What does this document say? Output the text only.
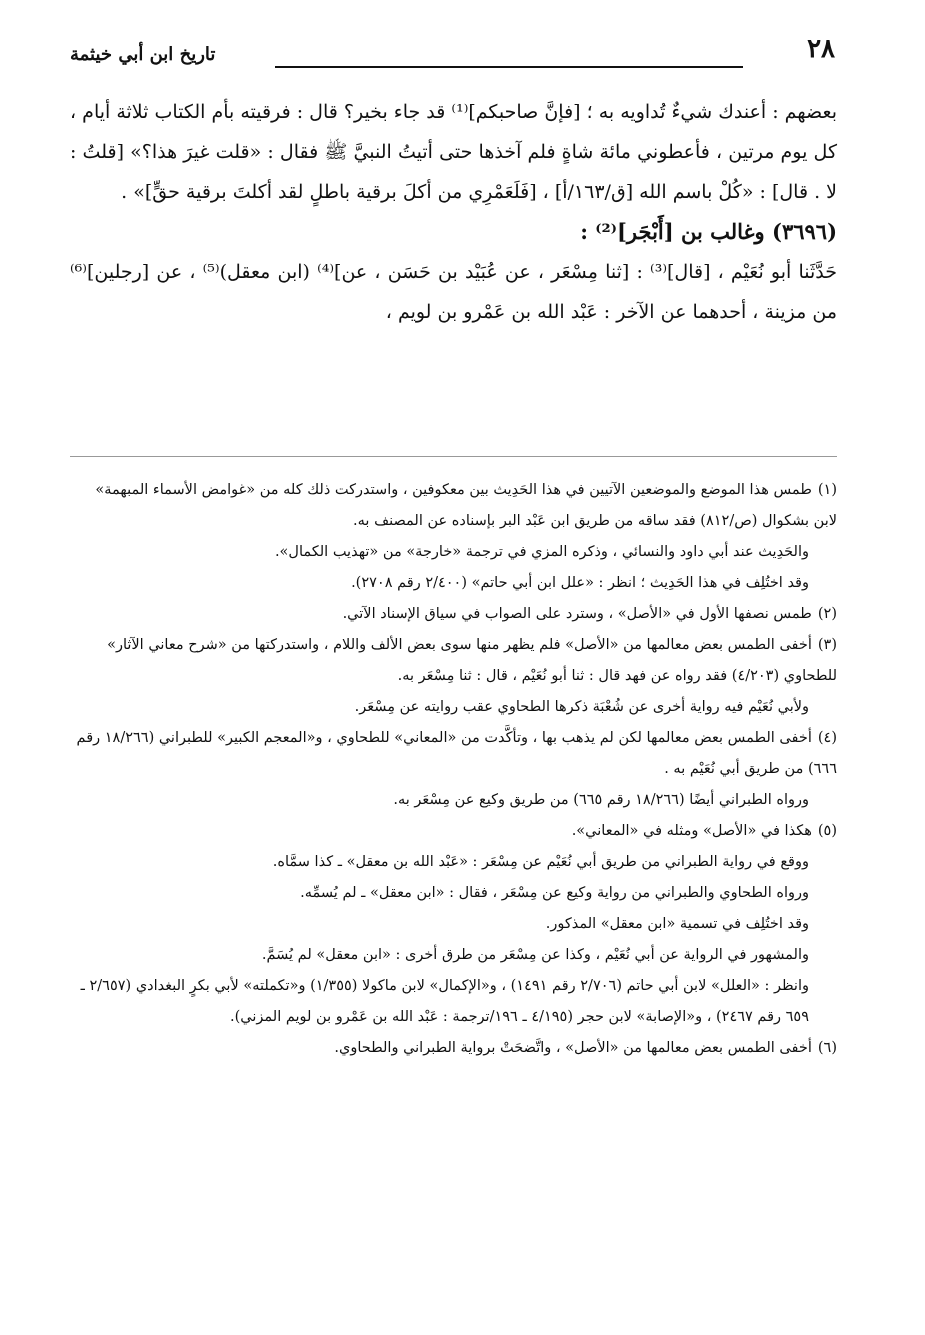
٢٨
تاريخ ابن أبي خيثمة

بعضهم : أعندك شيءٌ تُداويه به ؛ [فإنَّ صاحبكم]⁽¹⁾ قد جاء بخير؟ قال : فرقيته بأم الكتاب ثلاثة أيام ، كل يوم مرتين ، فأعطوني مائة شاةٍ فلم آخذها حتى أتيتُ النبيَّ ﷺ فقال : «قلت غيرَ هذا؟» [قلتُ : لا . قال] : «كُلْ باسم الله [ق/١٦٣/أ] ، [فَلَعَمْرِي من أكلَ برقية باطلٍ لقد أكلتَ برقية حقٍّ]» .

(٣٦٩٦) وغالب بن [أَبْجَر]⁽²⁾ :

حَدَّثَنا أبو نُعَيْم ، [قال]⁽³⁾ : [ثنا مِسْعَر ، عن عُبَيْد بن حَسَن ، عن]⁽⁴⁾ (ابن معقل)⁽⁵⁾ ، عن [رجلين]⁽⁶⁾ من مزينة ، أحدهما عن الآخر : عَبْد الله بن عَمْرو بن لويم ،

(١)طمس هذا الموضع والموضعين الآتيين في هذا الحَدِيث بين معكوفين ، واستدركت ذلك كله من «غوامض الأسماء المبهمة» لابن بشكوال (ص/٨١٢) فقد ساقه من طريق ابن عَبْد البر بإسناده عن المصنف به.

والحَدِيث عند أبي داود والنسائي ، وذكره المزي في ترجمة «خارجة» من «تهذيب الكمال».

وقد اختُلِف في هذا الحَدِيث ؛ انظر : «علل ابن أبي حاتم» (٢/٤٠٠ رقم ٢٧٠٨).

(٢)طمس نصفها الأول في «الأصل» ، وسترد على الصواب في سياق الإسناد الآتي.

(٣)أخفى الطمس بعض معالمها من «الأصل» فلم يظهر منها سوى بعض الألف واللام ، واستدركتها من «شرح معاني الآثار» للطحاوي (٤/٢٠٣) فقد رواه عن فهد قال : ثنا أبو نُعَيْم ، قال : ثنا مِسْعَر به.

ولأبي نُعَيْم فيه رواية أخرى عن شُعْبَة ذكرها الطحاوي عقب روايته عن مِسْعَر.

(٤)أخفى الطمس بعض معالمها لكن لم يذهب بها ، وتأكَّدت من «المعاني» للطحاوي ، و«المعجم الكبير» للطبراني (١٨/٢٦٦ رقم ٦٦٦) من طريق أبي نُعَيْم به .

ورواه الطبراني أيضًا (١٨/٢٦٦ رقم ٦٦٥) من طريق وكيع عن مِسْعَر به.

(٥)هكذا في «الأصل» ومثله في «المعاني».

ووقع في رواية الطبراني من طريق أبي نُعَيْم عن مِسْعَر : «عَبْد الله بن معقل» ـ كذا سمَّاه.

ورواه الطحاوي والطبراني من رواية وكيع عن مِسْعَر ، فقال : «ابن معقل» ـ لم يُسمِّه.

وقد اختُلِف في تسمية «ابن معقل» المذكور.

والمشهور في الرواية عن أبي نُعَيْم ، وكذا عن مِسْعَر من طرق أخرى : «ابن معقل» لم يُسَمَّ.

وانظر : «العلل» لابن أبي حاتم (٢/٧٠٦ رقم ١٤٩١) ، و«الإكمال» لابن ماكولا (١/٣٥٥) و«تكملته» لأبي بكرٍ البغدادي (٢/٦٥٧ ـ ٦٥٩ رقم ٢٤٦٧) ، و«الإصابة» لابن حجر (٤/١٩٥ ـ ١٩٦/ترجمة : عَبْد الله بن عَمْرو بن لويم المزني).

(٦)أخفى الطمس بعض معالمها من «الأصل» ، واتَّضحَتْ برواية الطبراني والطحاوي.
